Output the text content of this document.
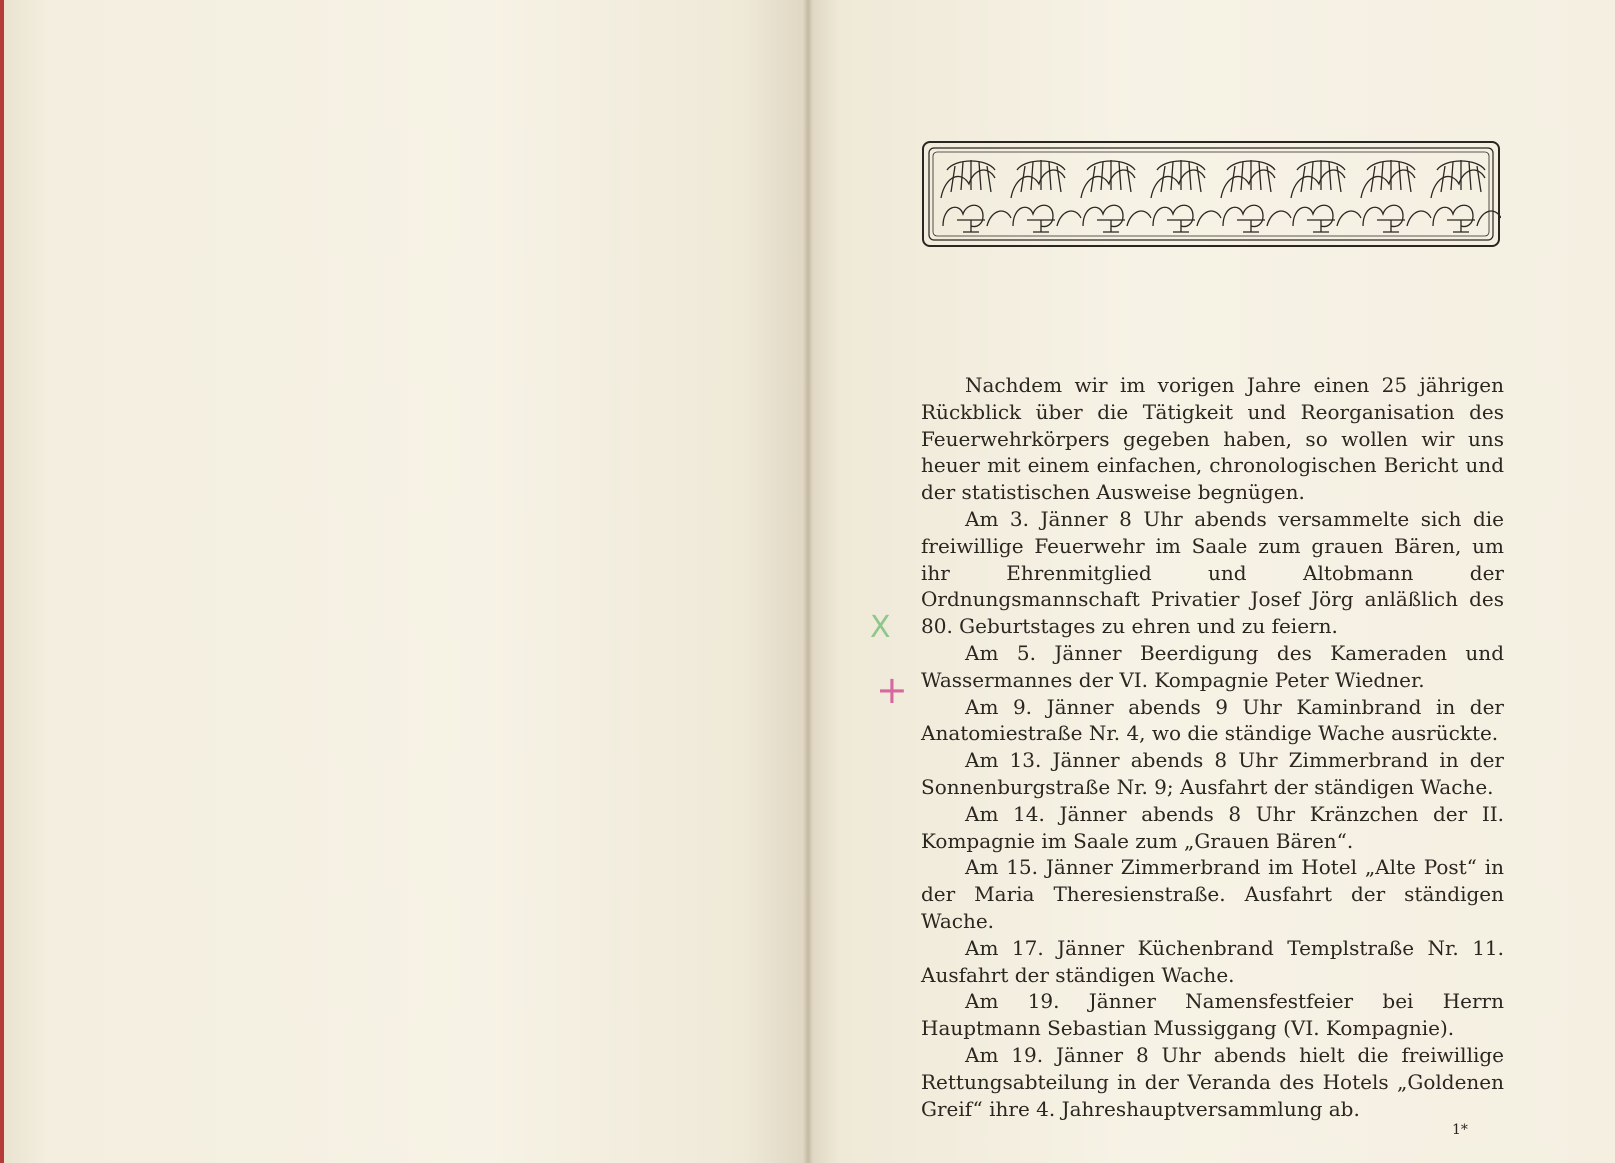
Nachdem wir im vorigen Jahre einen 25 jährigen Rückblick über die Tätigkeit und Reorganisation des Feuerwehrkörpers gegeben haben, so wollen wir uns heuer mit einem einfachen, chronologischen Bericht und der statistischen Ausweise begnügen.

Am 3. Jänner 8 Uhr abends versammelte sich die freiwillige Feuerwehr im Saale zum grauen Bären, um ihr Ehrenmitglied und Altobmann der Ordnungsmannschaft Privatier Josef Jörg anläßlich des 80. Geburtstages zu ehren und zu feiern.

Am 5. Jänner Beerdigung des Kameraden und Wassermannes der VI. Kompagnie Peter Wiedner.

Am 9. Jänner abends 9 Uhr Kaminbrand in der Anatomiestraße Nr. 4, wo die ständige Wache ausrückte.

Am 13. Jänner abends 8 Uhr Zimmerbrand in der Sonnenburgstraße Nr. 9; Ausfahrt der ständigen Wache.

Am 14. Jänner abends 8 Uhr Kränzchen der II. Kompagnie im Saale zum „Grauen Bären“.

Am 15. Jänner Zimmerbrand im Hotel „Alte Post“ in der Maria Theresienstraße. Ausfahrt der ständigen Wache.

Am 17. Jänner Küchenbrand Templstraße Nr. 11. Ausfahrt der ständigen Wache.

Am 19. Jänner Namensfestfeier bei Herrn Hauptmann Sebastian Mussiggang (VI. Kompagnie).

Am 19. Jänner 8 Uhr abends hielt die freiwillige Rettungsabteilung in der Veranda des Hotels „Goldenen Greif“ ihre 4. Jahreshauptversammlung ab.

X
+
1*
